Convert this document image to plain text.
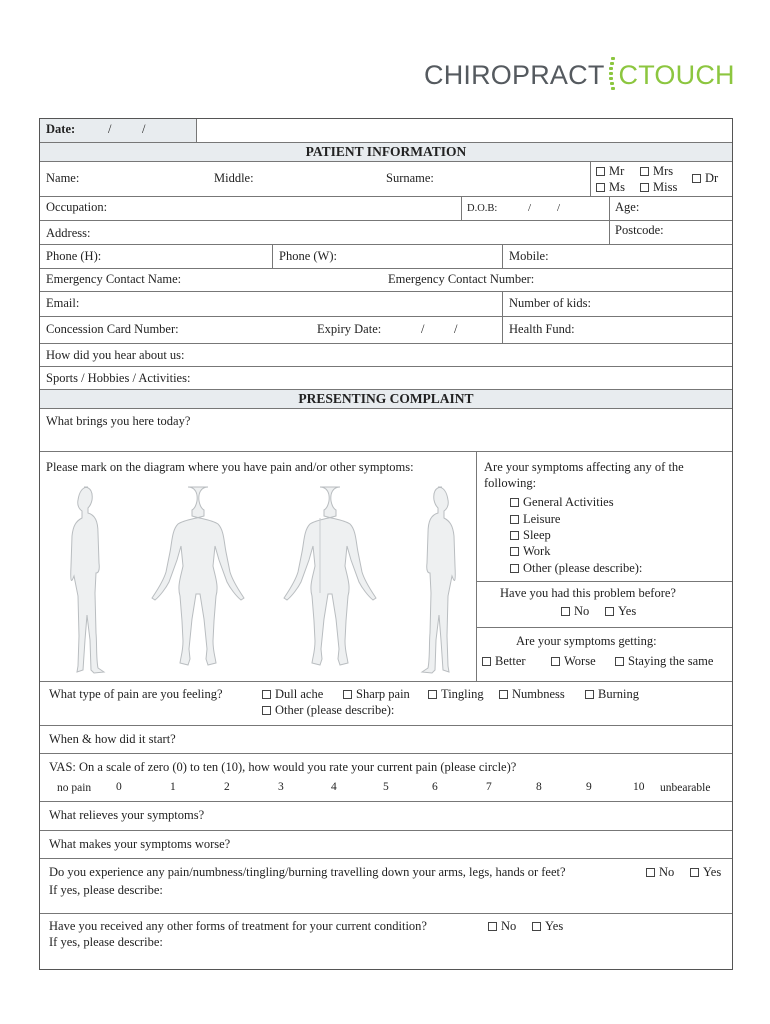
CHIROPRACT CTOUCH
Date:	/ /
PATIENT INFORMATION
Name:	Middle:	Surname:	Mr	Mrs	Dr
Ms	Miss
Occupation:	D.O.B:	/ /	Age:
Address:	Postcode:
Phone (H):	Phone (W):	Mobile:
Emergency Contact Name:	Emergency Contact Number:
Email:	Number of kids:
Concession Card Number:	Expiry Date:	/ /	Health Fund:
How did you hear about us:
Sports / Hobbies / Activities:
PRESENTING COMPLAINT
What brings you here today?
Please mark on the diagram where you have pain and/or other symptoms:	Are your symptoms affecting any of the
following:
General Activities
Leisure
Sleep
Work
Other (please describe):
Have you had this problem before?
No	Yes
Are your symptoms getting:
Better	Worse	Staying the same
What type of pain are you feeling?	Dull ache	Sharp pain	Tingling	Numbness	Burning
Other (please describe):
When & how did it start?
VAS: On a scale of zero (0) to ten (10), how would you rate your current pain (please circle)?
no pain 0	1	2	3	4	5	6	7	8	9	10 unbearable
What relieves your symptoms?
What makes your symptoms worse?
Do you experience any pain/numbness/tingling/burning travelling down your arms, legs, hands or feet?	No	Yes
If yes, please describe:
Have you received any other forms of treatment for your current condition?	No	Yes
If yes, please describe:
